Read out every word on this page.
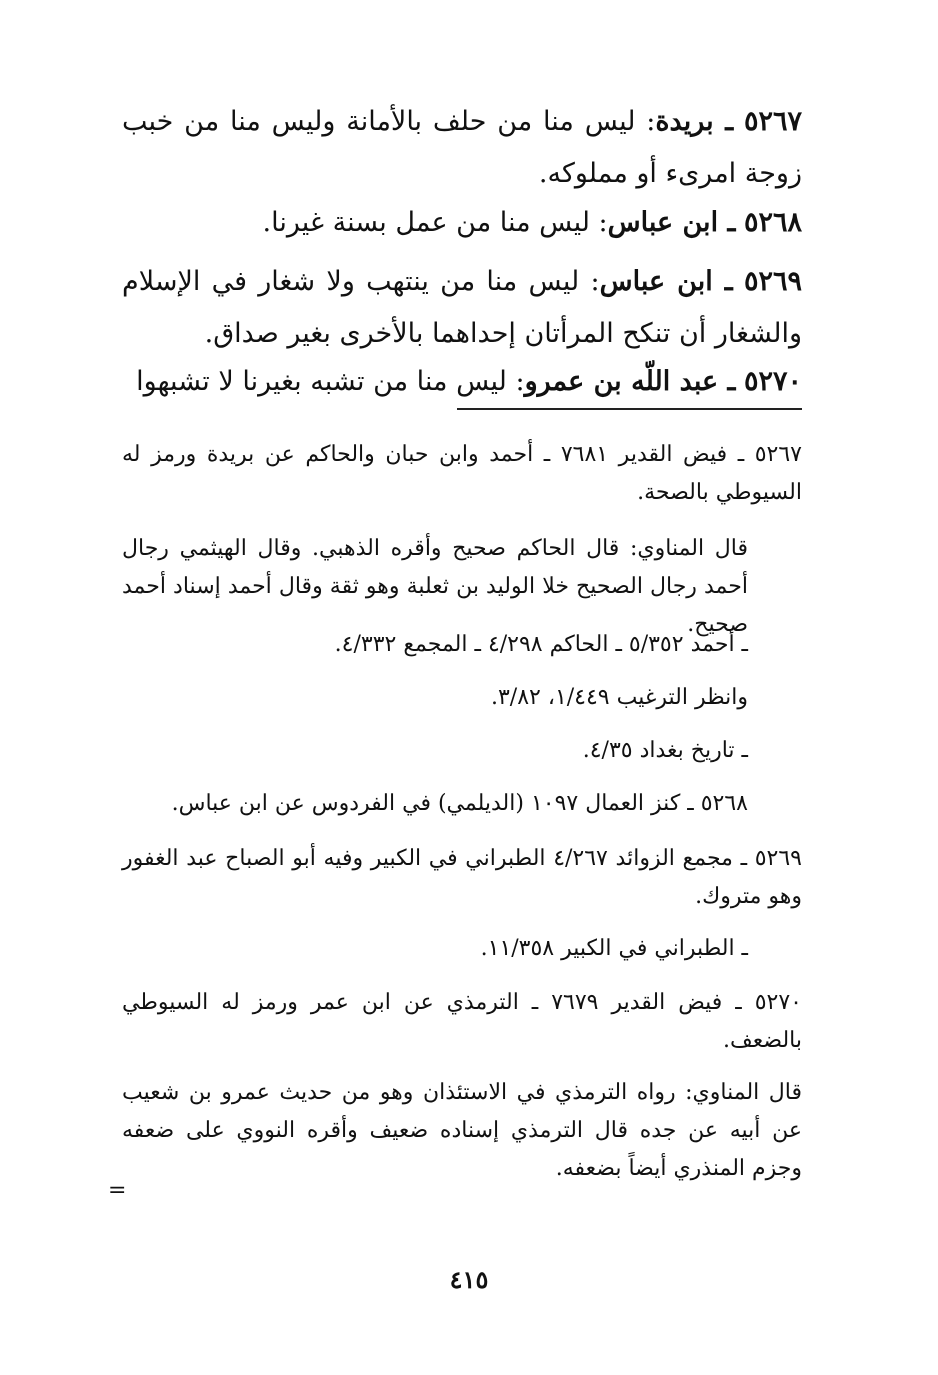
٥٢٦٧ ـ بريدة: ليس منا من حلف بالأمانة وليس منا من خبب زوجة امرىء أو مملوكه.
٥٢٦٨ ـ ابن عباس: ليس منا من عمل بسنة غيرنا.
٥٢٦٩ ـ ابن عباس: ليس منا من ينتهب ولا شغار في الإسلام والشغار أن تنكح المرأتان إحداهما بالأخرى بغير صداق.
٥٢٧٠ ـ عبد اللّه بن عمرو: ليس منا من تشبه بغيرنا لا تشبهوا
٥٢٦٧ ـ فيض القدير ٧٦٨١ ـ أحمد وابن حبان والحاكم عن بريدة ورمز له السيوطي بالصحة.
قال المناوي: قال الحاكم صحيح وأقره الذهبي. وقال الهيثمي رجال أحمد رجال الصحيح خلا الوليد بن ثعلبة وهو ثقة وقال أحمد إسناد أحمد صحيح.
ـ أحمد ٥/٣٥٢ ـ الحاكم ٤/٢٩٨ ـ المجمع ٤/٣٣٢.
وانظر الترغيب ١/٤٤٩، ٣/٨٢.
ـ تاريخ بغداد ٤/٣٥.
٥٢٦٨ ـ كنز العمال ١٠٩٧ (الديلمي) في الفردوس عن ابن عباس.
٥٢٦٩ ـ مجمع الزوائد ٤/٢٦٧ الطبراني في الكبير وفيه أبو الصباح عبد الغفور وهو متروك.
ـ الطبراني في الكبير ١١/٣٥٨.
٥٢٧٠ ـ فيض القدير ٧٦٧٩ ـ الترمذي عن ابن عمر ورمز له السيوطي بالضعف.
قال المناوي: رواه الترمذي في الاستئذان وهو من حديث عمرو بن شعيب عن أبيه عن جده قال الترمذي إسناده ضعيف وأقره النووي على ضعفه وجزم المنذري أيضاً بضعفه.
=
٤١٥
